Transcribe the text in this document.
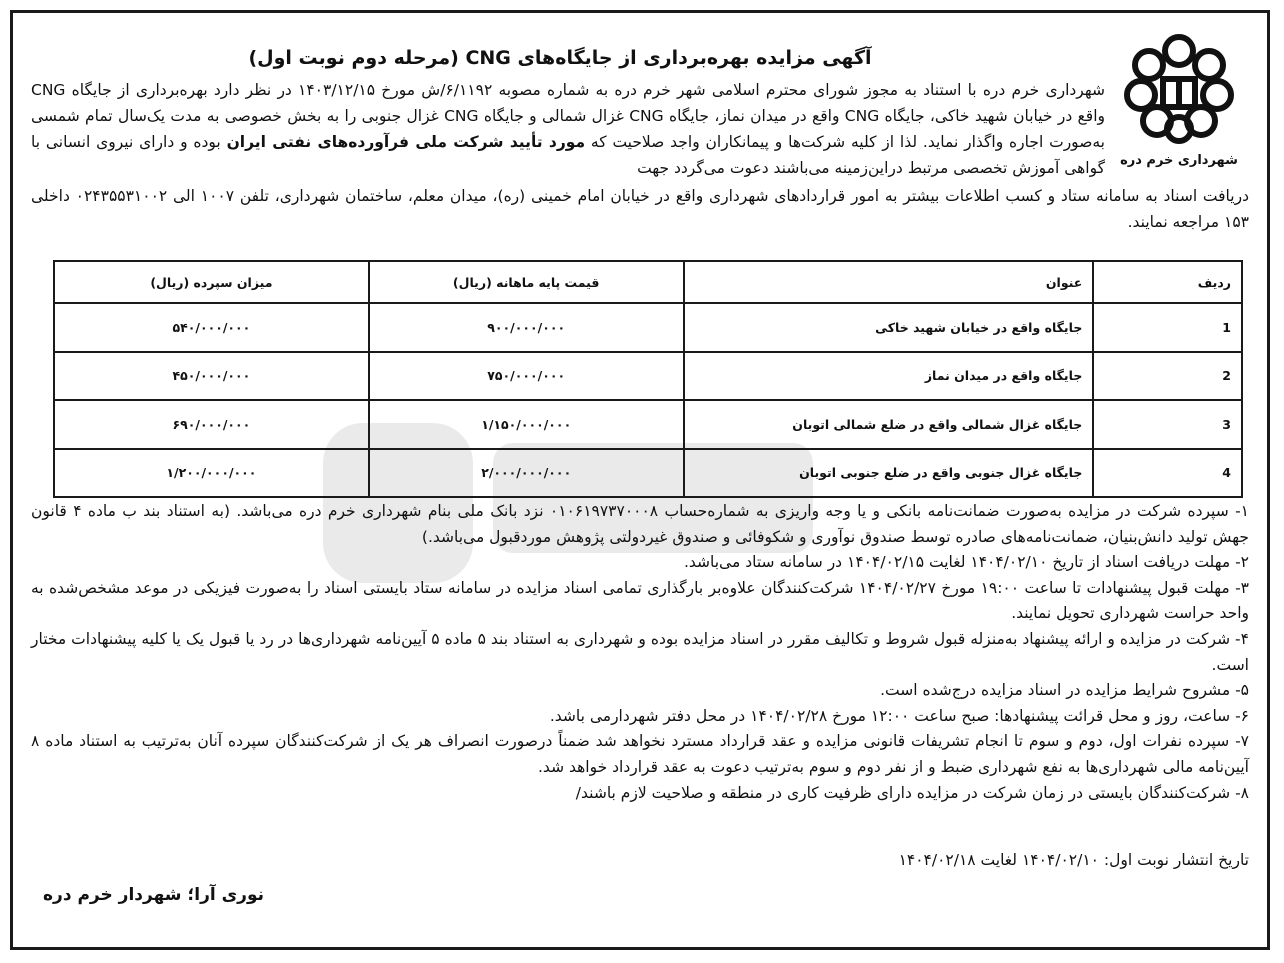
شهرداری خرم دره
آگهی مزایده بهره‌برداری از جایگاه‌های CNG (مرحله دوم نوبت اول)
شهرداری خرم دره با استناد به مجوز شورای محترم اسلامی شهر خرم دره به شماره مصوبه ۶/۱۱۹۲/ش مورخ ۱۴۰۳/۱۲/۱۵ در نظر دارد بهره‌برداری از جایگاه CNG واقع در خیابان شهید خاکی، جایگاه CNG واقع در میدان نماز، جایگاه CNG غزال شمالی و جایگاه CNG غزال جنوبی را به بخش خصوصی به مدت یک‌سال تمام شمسی به‌صورت اجاره واگذار نماید. لذا از کلیه شرکت‌ها و پیمانکاران واجد صلاحیت که مورد تأیید شرکت ملی فرآورده‌های نفتی ایران بوده و دارای نیروی انسانی با گواهی آموزش تخصصی مرتبط دراین‌زمینه می‌باشند دعوت می‌گردد جهت
دریافت اسناد به سامانه ستاد و کسب اطلاعات بیشتر به امور قراردادهای شهرداری واقع در خیابان امام خمینی (ره)، میدان معلم، ساختمان شهرداری، تلفن ۱۰۰۷ الی ۰۲۴۳۵۵۳۱۰۰۲ داخلی ۱۵۳ مراجعه نمایند.
ردیف	عنوان	قیمت پایه ماهانه (ریال)	میزان سپرده (ریال)
1	جایگاه واقع در خیابان شهید خاکی	۹۰۰/۰۰۰/۰۰۰	۵۴۰/۰۰۰/۰۰۰
2	جایگاه واقع در میدان نماز	۷۵۰/۰۰۰/۰۰۰	۴۵۰/۰۰۰/۰۰۰
3	جایگاه غزال شمالی واقع در ضلع شمالی اتوبان	۱/۱۵۰/۰۰۰/۰۰۰	۶۹۰/۰۰۰/۰۰۰
4	جایگاه غزال جنوبی واقع در ضلع جنوبی اتوبان	۲/۰۰۰/۰۰۰/۰۰۰	۱/۲۰۰/۰۰۰/۰۰۰

۱- سپرده شرکت در مزایده به‌صورت ضمانت‌نامه بانکی و یا وجه واریزی به شماره‌حساب ۰۱۰۶۱۹۷۳۷۰۰۰۸ نزد بانک ملی بنام شهرداری خرم دره می‌باشد. (به استناد بند ب ماده ۴ قانون جهش تولید دانش‌بنیان، ضمانت‌نامه‌های صادره توسط صندوق نوآوری و شکوفائی و صندوق غیردولتی پژوهش موردقبول می‌باشد.)

۲- مهلت دریافت اسناد از تاریخ ۱۴۰۴/۰۲/۱۰ لغایت ۱۴۰۴/۰۲/۱۵ در سامانه ستاد می‌باشد.

۳- مهلت قبول پیشنهادات تا ساعت ۱۹:۰۰ مورخ ۱۴۰۴/۰۲/۲۷ شرکت‌کنندگان علاوه‌بر بارگذاری تمامی اسناد مزایده در سامانه ستاد بایستی اسناد را به‌صورت فیزیکی در موعد مشخص‌شده به واحد حراست شهرداری تحویل نمایند.

۴- شرکت در مزایده و ارائه پیشنهاد به‌منزله قبول شروط و تکالیف مقرر در اسناد مزایده بوده و شهرداری به استناد بند ۵ ماده ۵ آیین‌نامه شهرداری‌ها در رد یا قبول یک یا کلیه پیشنهادات مختار است.

۵- مشروح شرایط مزایده در اسناد مزایده درج‌شده است.

۶- ساعت، روز و محل قرائت پیشنهادها: صبح ساعت ۱۲:۰۰ مورخ ۱۴۰۴/۰۲/۲۸ در محل دفتر شهردارمی باشد.

۷- سپرده نفرات اول، دوم و سوم تا انجام تشریفات قانونی مزایده و عقد قرارداد مسترد نخواهد شد ضمناً درصورت انصراف هر یک از شرکت‌کنندگان سپرده آنان به‌ترتیب به استناد ماده ۸ آیین‌نامه مالی شهرداری‌ها به نفع شهرداری ضبط و از نفر دوم و سوم به‌ترتیب دعوت به عقد قرارداد خواهد شد.

۸- شرکت‌کنندگان بایستی در زمان شرکت در مزایده دارای ظرفیت کاری در منطقه و صلاحیت لازم باشند/

تاریخ انتشار نوبت اول: ۱۴۰۴/۰۲/۱۰ لغایت ۱۴۰۴/۰۲/۱۸
نوری آرا؛ شهردار خرم دره
